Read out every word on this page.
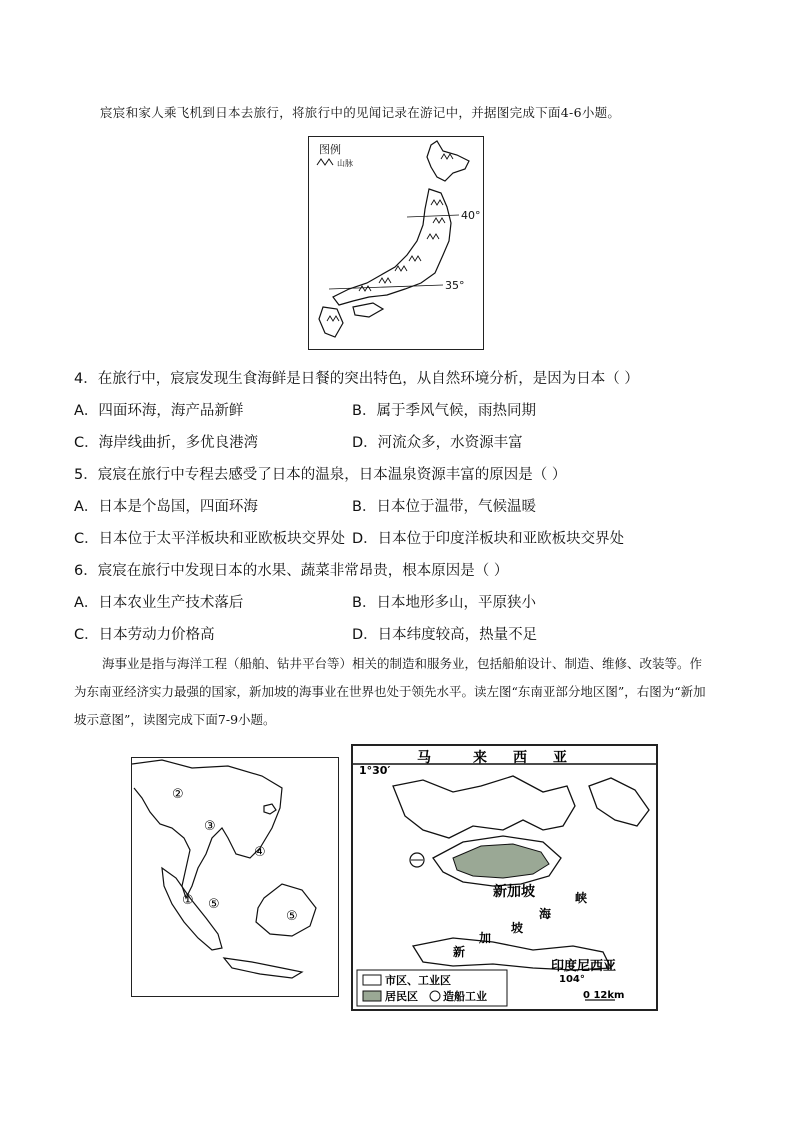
宸宸和家人乘飞机到日本去旅行，将旅行中的见闻记录在游记中，并据图完成下面4-6小题。
图例
山脉
40°
35°
4．在旅行中，宸宸发现生食海鲜是日餐的突出特色，从自然环境分析，是因为日本（ ）
A．四面环海，海产品新鲜	B．属于季风气候，雨热同期
C．海岸线曲折，多优良港湾	D．河流众多，水资源丰富
5．宸宸在旅行中专程去感受了日本的温泉，日本温泉资源丰富的原因是（ ）
A．日本是个岛国，四面环海	B．日本位于温带，气候温暖
C．日本位于太平洋板块和亚欧板块交界处 D．日本位于印度洋板块和亚欧板块交界处
6．宸宸在旅行中发现日本的水果、蔬菜非常昂贵，根本原因是（ ）
A．日本农业生产技术落后	B．日本地形多山，平原狭小
C．日本劳动力价格高	D．日本纬度较高，热量不足
海事业是指与海洋工程（船舶、钻井平台等）相关的制造和服务业，包括船舶设计、制造、维修、改装等。作为东南亚经济实力最强的国家，新加坡的海事业在世界也处于领先水平。读左图“东南亚部分地区图”，右图为“新加坡示意图”，读图完成下面7-9小题。
②
③
④
① ⑤
⑤
1°30′
马	来 西 亚
新加坡	峡
海
坡
加
新
印度尼西亚
104°
市区、工业区
居民区 造船工业	0 12km
